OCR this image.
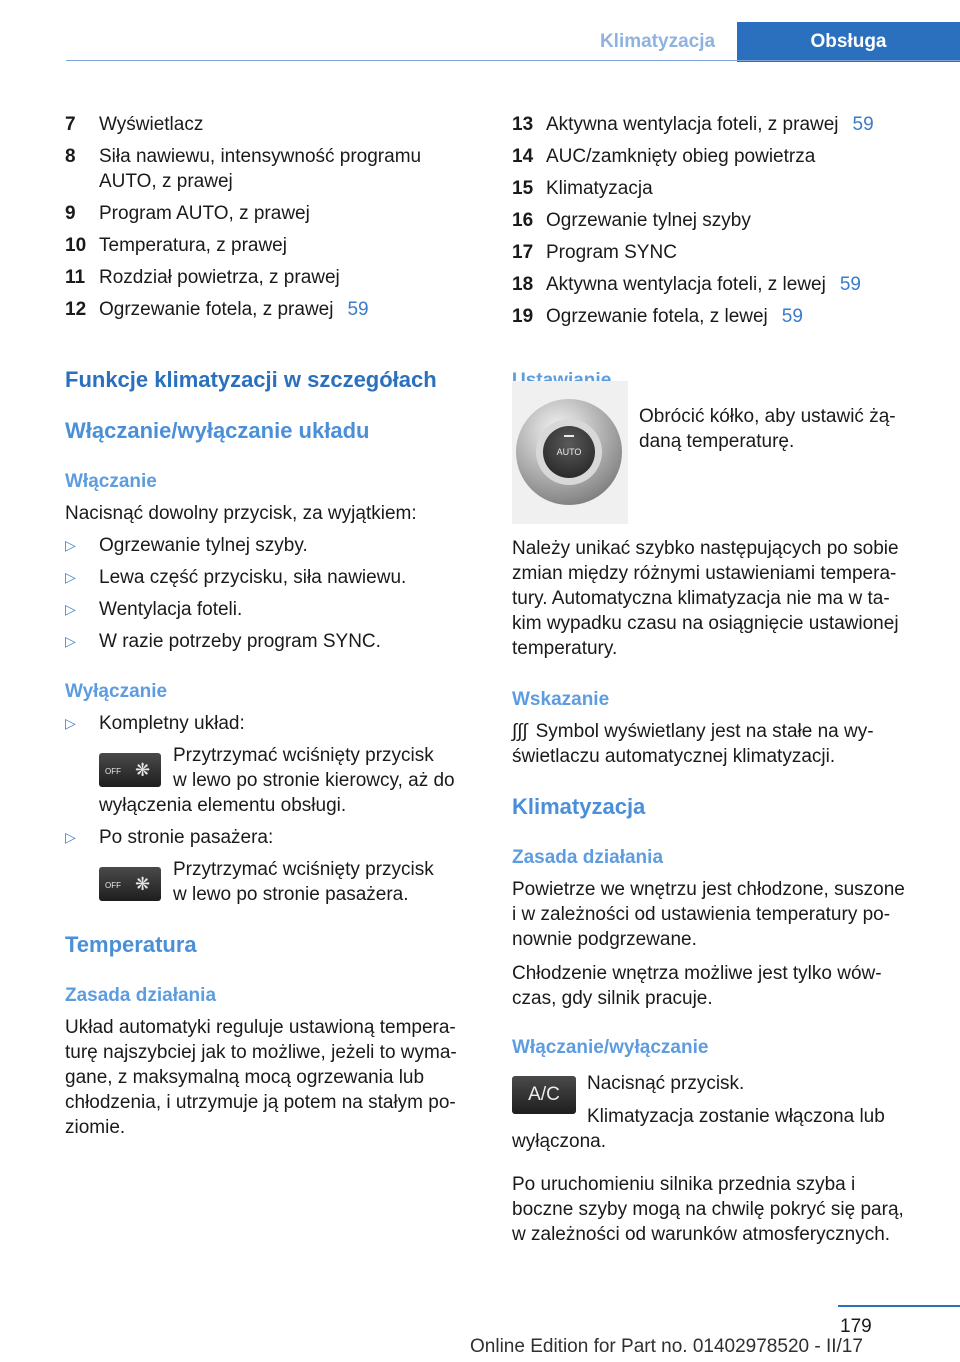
Klimatyzacja	Obsługa
7	Wyświetlacz
8	Siła nawiewu, intensywność programu AUTO, z prawej
9	Program AUTO, z prawej
10 Temperatura, z prawej
11 Rozdział powietrza, z prawej
12 Ogrzewanie fotela, z prawej 59
Funkcje klimatyzacji w szczegółach
Włączanie/wyłączanie układu
Włączanie
Nacisnąć dowolny przycisk, za wyjątkiem:
▷	Ogrzewanie tylnej szyby.
▷	Lewa część przycisku, siła nawiewu.
▷	Wentylacja foteli.
▷	W razie potrzeby program SYNC.
Wyłączanie
▷	Kompletny układ:
OFF ❋
Przytrzymać wciśnięty przycisk
w lewo po stronie kierowcy, aż do
wyłączenia elementu obsługi.
▷	Po stronie pasażera:
OFF ❋
Przytrzymać wciśnięty przycisk
w lewo po stronie pasażera.
Temperatura
Zasada działania
Układ automatyki reguluje ustawioną tempera‐
turę najszybciej jak to możliwe, jeżeli to wyma‐
gane, z maksymalną mocą ogrzewania lub
chłodzenia, i utrzymuje ją potem na stałym po‐
ziomie.
13 Aktywna wentylacja foteli, z prawej 59
14 AUC/zamknięty obieg powietrza
15 Klimatyzacja
16 Ogrzewanie tylnej szyby
17 Program SYNC
18 Aktywna wentylacja foteli, z lewej 59
19 Ogrzewanie fotela, z lewej 59
Obrócić kółko, aby ustawić żą‐
daną temperaturę.
Należy unikać szybko następujących po sobie
zmian między różnymi ustawieniami tempera‐
tury. Automatyczna klimatyzacja nie ma w ta‐
kim wypadku czasu na osiągnięcie ustawionej
temperatury.
Wskazanie
∫∫∫ Symbol wyświetlany jest na stałe na wy‐
świetlaczu automatycznej klimatyzacji.
Klimatyzacja
Zasada działania
Powietrze we wnętrzu jest chłodzone, suszone
i w zależności od ustawienia temperatury po‐
nownie podgrzewane.
Chłodzenie wnętrza możliwe jest tylko wów‐
czas, gdy silnik pracuje.
Włączanie/wyłączanie
A/C
Nacisnąć przycisk.
Klimatyzacja zostanie włączona lub
wyłączona.
Po uruchomieniu silnika przednia szyba i
boczne szyby mogą na chwilę pokryć się parą,
w zależności od warunków atmosferycznych.
AUTO
179
Online Edition for Part no. 01402978520 - II/17
